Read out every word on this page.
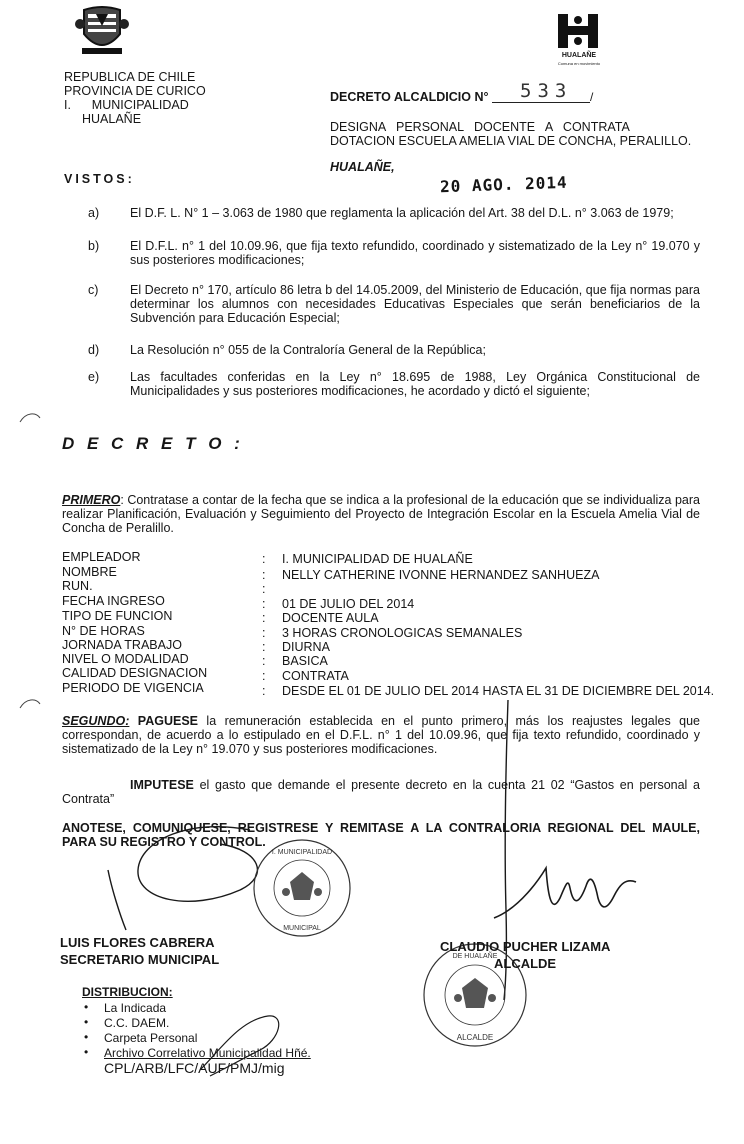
REPUBLICA DE CHILE
PROVINCIA DE CURICO
I.      MUNICIPALIDAD
HUALAÑE
HUALAÑE
Comuna en movimiento
DECRETO ALCALDICIO N° 533 /
DESIGNA   PERSONAL   DOCENTE   A   CONTRATA
DOTACION ESCUELA AMELIA VIAL DE CONCHA, PERALILLO.
HUALAÑE,
20 AGO. 2014
VISTOS:
a) El D.F. L. N° 1 – 3.063 de 1980 que reglamenta la aplicación del Art. 38 del D.L. n° 3.063 de 1979;
b) El D.F.L. n° 1 del 10.09.96, que fija texto refundido, coordinado y sistematizado de la Ley n° 19.070 y sus posteriores modificaciones;
c)	El Decreto n° 170, artículo 86 letra b del 14.05.2009, del Ministerio de Educación, que fija normas para determinar los alumnos con necesidades Educativas Especiales que serán beneficiarios de la Subvención para Educación Especial;
d) La Resolución n° 055 de la Contraloría General de la República;
e) Las facultades conferidas en la Ley n° 18.695 de 1988, Ley Orgánica Constitucional de Municipalidades y sus posteriores modificaciones, he acordado y dictó el siguiente;
D E C R E T O :
PRIMERO: Contratase a contar de la fecha que se indica a la profesional de la educación que se individualiza para realizar Planificación, Evaluación y Seguimiento del Proyecto de Integración Escolar en la Escuela Amelia Vial de Concha de Peralillo.
EMPLEADOR	: I. MUNICIPALIDAD DE HUALAÑE
NOMBRE	: NELLY CATHERINE IVONNE HERNANDEZ SANHUEZA
RUN.	:
FECHA INGRESO	: 01 DE JULIO DEL 2014
TIPO DE FUNCION	: DOCENTE AULA
N° DE HORAS	: 3 HORAS CRONOLOGICAS SEMANALES
JORNADA TRABAJO	: DIURNA
NIVEL O MODALIDAD	: BASICA
CALIDAD DESIGNACION	: CONTRATA
PERIODO DE VIGENCIA	: DESDE EL 01 DE JULIO DEL 2014 HASTA EL 31 DE DICIEMBRE DEL 2014.
SEGUNDO: PAGUESE la remuneración establecida en el punto primero, más los reajustes legales que correspondan, de acuerdo a lo estipulado en el D.F.L. n° 1 del 10.09.96, que fija texto refundido, coordinado y sistematizado de la Ley n° 19.070 y sus posteriores modificaciones.
IMPUTESE el gasto que demande el presente decreto en la cuenta 21 02 “Gastos en personal a Contrata”
ANOTESE, COMUNIQUESE, REGISTRESE Y REMITASE A LA CONTRALORIA REGIONAL DEL MAULE, PARA SU REGISTRO Y CONTROL.
I. MUNICIPALIDAD
MUNICIPAL
DE HUALAÑE
ALCALDE
LUIS FLORES CABRERA
SECRETARIO MUNICIPAL
CLAUDIO PUCHER LIZAMA
ALCALDE
DISTRIBUCION:
• La Indicada
• C.C. DAEM.
• Carpeta Personal
• Archivo Correlativo Municipalidad Hñé.
CPL/ARB/LFC/AUF/PMJ/mig
